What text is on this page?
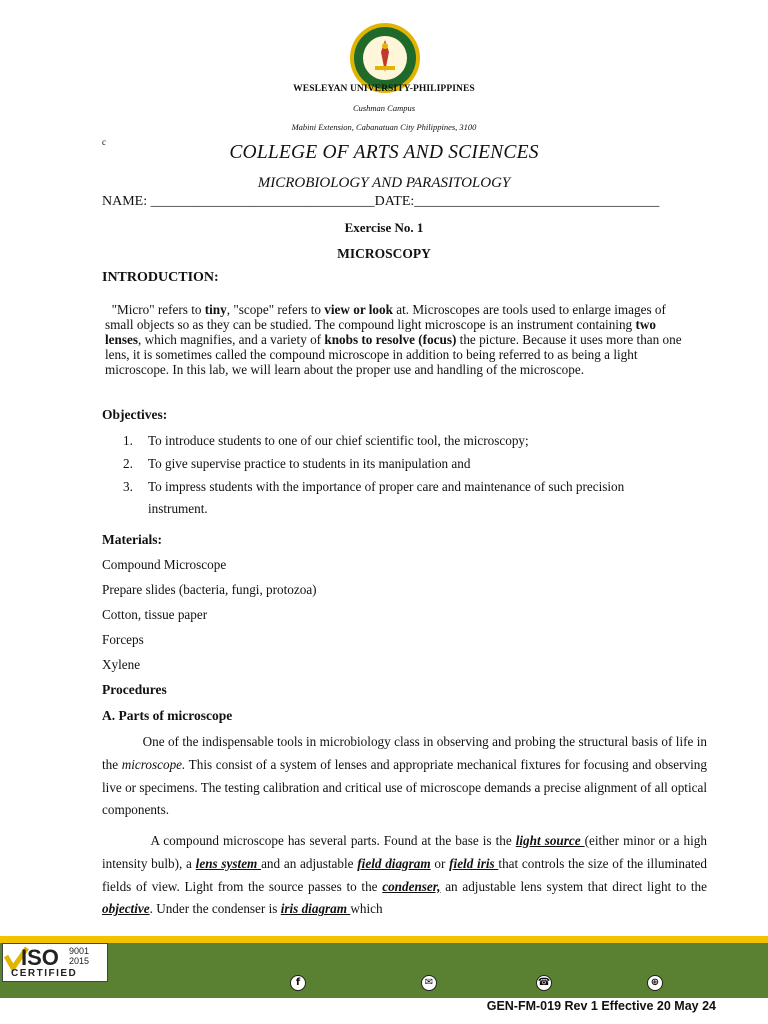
WESLEYAN UNIVERSITY-PHILIPPINES
Cushman Campus
Mabini Extension, Cabanatuan City Philippines, 3100
c	COLLEGE OF ARTS AND SCIENCES
MICROBIOLOGY AND PARASITOLOGY
NAME: ________________________________DATE:___________________________________
Exercise No. 1
MICROSCOPY
INTRODUCTION:
"Micro" refers to tiny, "scope" refers to view or look at. Microscopes are tools used to enlarge images of small objects so as they can be studied. The compound light microscope is an instrument containing two lenses, which magnifies, and a variety of knobs to resolve (focus) the picture. Because it uses more than one lens, it is sometimes called the compound microscope in addition to being referred to as being a light microscope. In this lab, we will learn about the proper use and handling of the microscope.
Objectives:
1. To introduce students to one of our chief scientific tool, the microscopy;
2. To give supervise practice to students in its manipulation and
3. To impress students with the importance of proper care and maintenance of such precision
instrument.
Materials:
Compound Microscope
Prepare slides (bacteria, fungi, protozoa)
Cotton, tissue paper
Forceps
Xylene
Procedures
A. Parts of microscope
One of the indispensable tools in microbiology class in observing and probing the structural basis of life in the microscope. This consist of a system of lenses and appropriate mechanical fixtures for focusing and observing live or specimens. The testing calibration and critical use of microscope demands a precise alignment of all optical components.
A compound microscope has several parts. Found at the base is the light source (either minor or a high intensity bulb), a lens system and an adjustable field diagram or field iris that controls the size of the illuminated fields of view. Light from the source passes to the condenser, an adjustable lens system that direct light to the objective. Under the condenser is iris diagram which
ISO 9001
2015
CERTIFIED
f	✉	☎	⊕
GEN-FM-019 Rev 1 Effective 20 May 24
